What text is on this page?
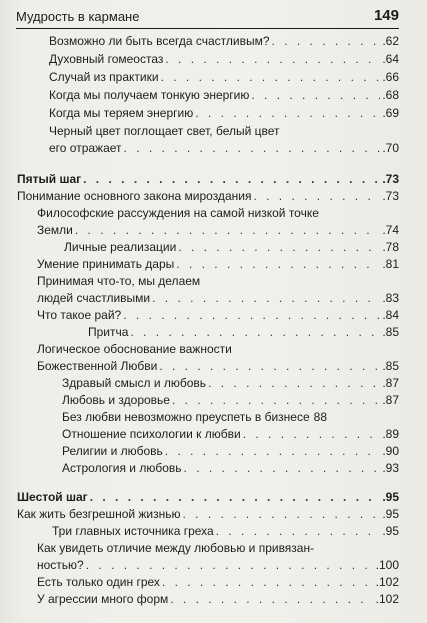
Мудрость в кармане	149
Возможно ли быть всегда счастливым? . . .	.62
Духовный гомеостаз . . .	.64
Случай из практики . . .	.66
Когда мы получаем тонкую энергию . . .	.68
Когда мы теряем энергию . . .	.69
Черный цвет поглощает свет, белый цвет
его отражает . . .	.70
Пятый шаг . . .	.73
Понимание основного закона мироздания . . .	.73
Философские рассуждения на самой низкой точке
Земли . . .	.74
Личные реализации . . .	.78
Умение принимать дары . . .	.81
Принимая что-то, мы делаем
людей счастливыми . . .	.83
Что такое рай? . . .	.84
Притча . . .	.85
Логическое обоснование важности
Божественной Любви . . .	.85
Здравый смысл и любовь . . .	.87
Любовь и здоровье . . .	.87
Без любви невозможно преуспеть в бизнесе 88
Отношение психологии к любви . . .	.89
Религии и любовь . . .	.90
Астрология и любовь . . .	.93
Шестой шаг . . .	.95
Как жить безгрешной жизнью . . .	.95
Три главных источника греха . . .	.95
Как увидеть отличие между любовью и привязан-
ностью? . . .	.100
Есть только один грех . . .	.102
У агрессии много форм . . .	.102
